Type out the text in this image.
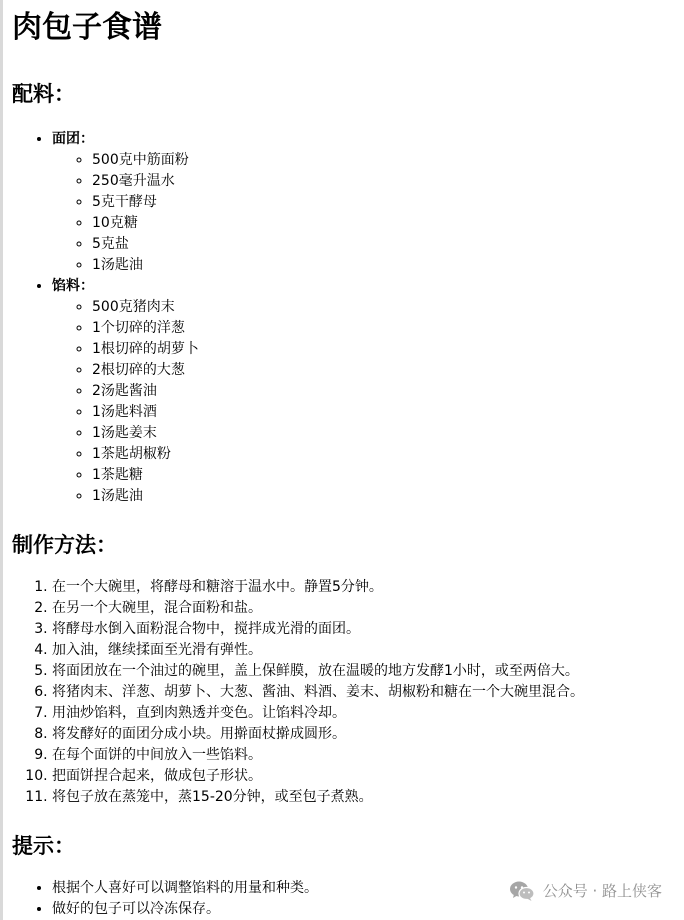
肉包子食谱
配料：
• 面团：
◦ 500克中筋面粉
◦ 250毫升温水
◦ 5克干酵母
◦ 10克糖
◦ 5克盐
◦ 1汤匙油
• 馅料：
◦ 500克猪肉末
◦ 1个切碎的洋葱
◦ 1根切碎的胡萝卜
◦ 2根切碎的大葱
◦ 2汤匙酱油
◦ 1汤匙料酒
◦ 1汤匙姜末
◦ 1茶匙胡椒粉
◦ 1茶匙糖
◦ 1汤匙油
制作方法：
1. 在一个大碗里，将酵母和糖溶于温水中。静置5分钟。
2. 在另一个大碗里，混合面粉和盐。
3. 将酵母水倒入面粉混合物中，搅拌成光滑的面团。
4. 加入油，继续揉面至光滑有弹性。
5. 将面团放在一个油过的碗里，盖上保鲜膜，放在温暖的地方发酵1小时，或至两倍大。
6. 将猪肉末、洋葱、胡萝卜、大葱、酱油、料酒、姜末、胡椒粉和糖在一个大碗里混合。
7. 用油炒馅料，直到肉熟透并变色。让馅料冷却。
8. 将发酵好的面团分成小块。用擀面杖擀成圆形。
9. 在每个面饼的中间放入一些馅料。
10. 把面饼捏合起来，做成包子形状。
11. 将包子放在蒸笼中，蒸15-20分钟，或至包子煮熟。
提示：
• 根据个人喜好可以调整馅料的用量和种类。
• 做好的包子可以冷冻保存。
公众号 · 路上侠客
